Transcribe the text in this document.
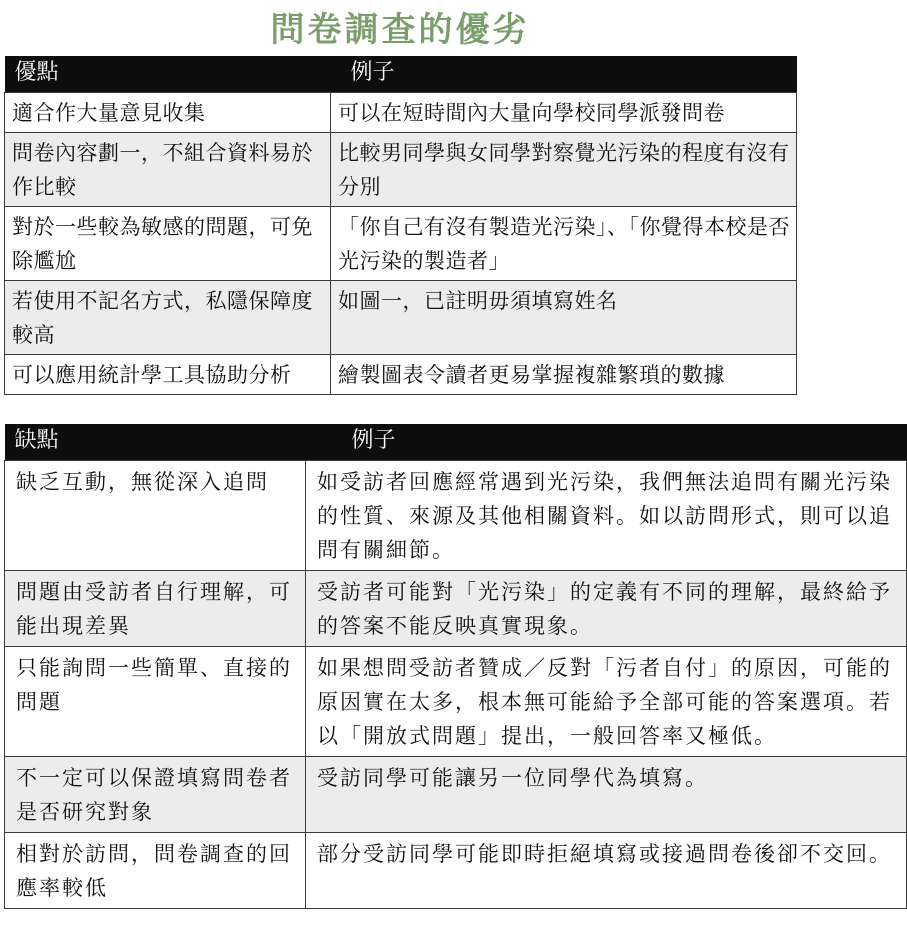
問卷調查的優劣
優點	例子
適合作大量意見收集	可以在短時間內大量向學校同學派發問卷
問卷內容劃一，不組合資料易於作比較	比較男同學與女同學對察覺光污染的程度有沒有分別
對於一些較為敏感的問題，可免除尷尬	「你自己有沒有製造光污染」、「你覺得本校是否光污染的製造者」
若使用不記名方式，私隱保障度較高	如圖一，已註明毋須填寫姓名
可以應用統計學工具協助分析	繪製圖表令讀者更易掌握複雜繁瑣的數據
缺點	例子
缺乏互動，無從深入追問	如受訪者回應經常遇到光污染，我們無法追問有關光污染的性質、來源及其他相關資料。如以訪問形式，則可以追問有關細節。
問題由受訪者自行理解，可能出現差異	受訪者可能對「光污染」的定義有不同的理解，最終給予的答案不能反映真實現象。
只能詢問一些簡單、直接的問題	如果想問受訪者贊成／反對「污者自付」的原因，可能的原因實在太多，根本無可能給予全部可能的答案選項。若以「開放式問題」提出，一般回答率又極低。
不一定可以保證填寫問卷者是否研究對象	受訪同學可能讓另一位同學代為填寫。
相對於訪問，問卷調查的回應率較低	部分受訪同學可能即時拒絕填寫或接過問卷後卻不交回。
